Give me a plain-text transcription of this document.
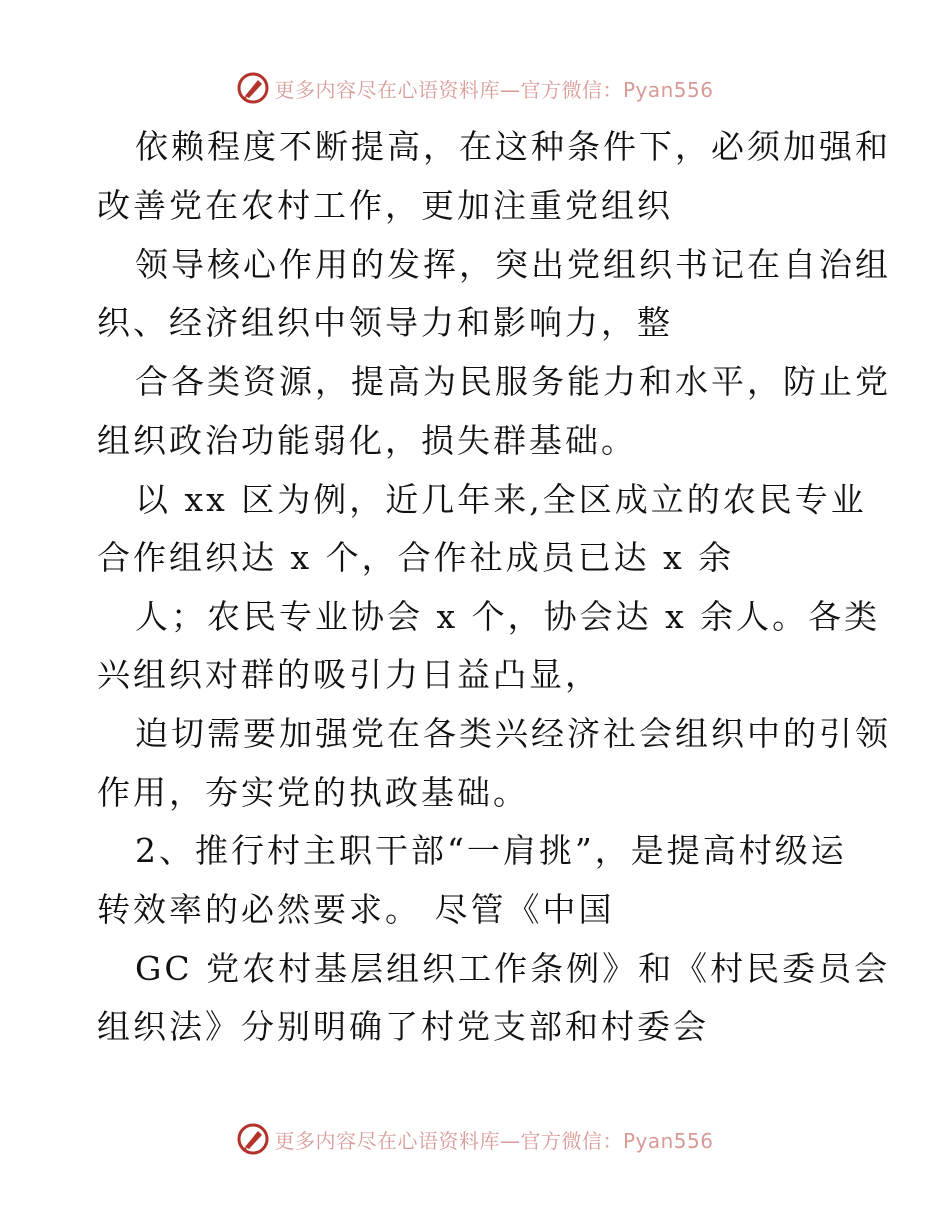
更多内容尽在心语资料库—官方微信：Pyan556
依赖程度不断提高，在这种条件下，必须加强和
改善党在农村工作，更加注重党组织
领导核心作用的发挥，突出党组织书记在自治组
织、经济组织中领导力和影响力，整
合各类资源，提高为民服务能力和水平，防止党
组织政治功能弱化，损失群基础。
以 xx 区为例，近几年来,全区成立的农民专业
合作组织达 x 个，合作社成员已达 x 余
人；农民专业协会 x 个，协会达 x 余人。各类
兴组织对群的吸引力日益凸显，
迫切需要加强党在各类兴经济社会组织中的引领
作用，夯实党的执政基础。
2、推行村主职干部“一肩挑”，是提高村级运
转效率的必然要求。 尽管《中国
GC 党农村基层组织工作条例》和《村民委员会
组织法》分别明确了村党支部和村委会
更多内容尽在心语资料库—官方微信：Pyan556
